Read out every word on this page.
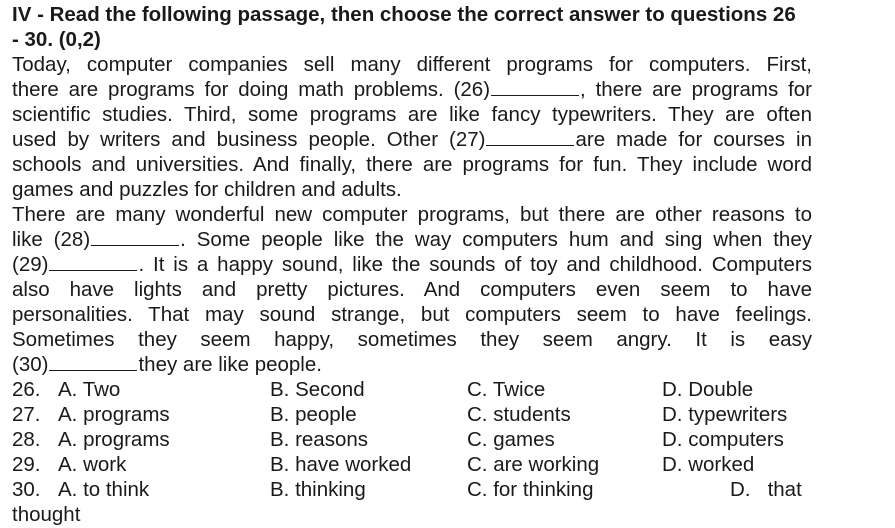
IV - Read the following passage, then choose the correct answer to questions 26
- 30. (0,2)
Today, computer companies sell many different programs for computers. First,
there are programs for doing math problems. (26)	, there are programs for
scientific studies. Third, some programs are like fancy typewriters. They are often
used by writers and business people. Other (27)	are made for courses in
schools and universities. And finally, there are programs for fun. They include word
games and puzzles for children and adults.
There are many wonderful new computer programs, but there are other reasons to
like (28)	. Some people like the way computers hum and sing when they
(29)	. It is a happy sound, like the sounds of toy and childhood. Computers
also have lights and pretty pictures. And computers even seem to have
personalities. That may sound strange, but computers seem to have feelings.
Sometimes they seem happy, sometimes they seem angry. It is easy
(30)	they are like people.
26. A. Two	B. Second	C. Twice	D. Double
27. A. programs	B. people	C. students	D. typewriters
28. A. programs	B. reasons	C. games	D. computers
29. A. work	B. have worked	C. are working	D. worked
30. A. to think	B. thinking	C. for thinking	D.   that
thought
